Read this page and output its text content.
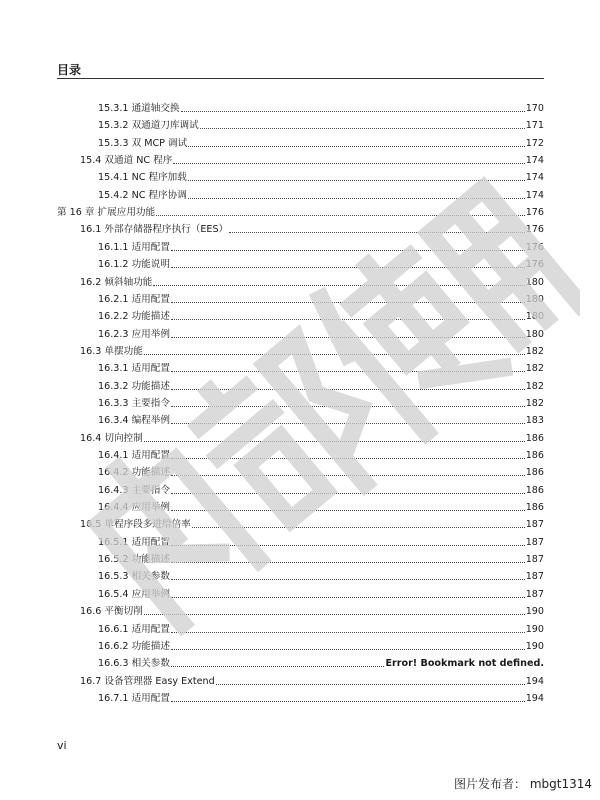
目录
15.3.1 通道轴交换	170
15.3.2 双通道刀库调试	171
15.3.3 双 MCP 调试	172
15.4 双通道 NC 程序	174
15.4.1 NC 程序加载	174
15.4.2 NC 程序协调	174
第 16 章 扩展应用功能	176
16.1 外部存储器程序执行（EES）	176
16.1.1 适用配置	176
16.1.2 功能说明	176
16.2 倾斜轴功能	180
16.2.1 适用配置	180
16.2.2 功能描述	180
16.2.3 应用举例	180
16.3 单摆功能	182
16.3.1 适用配置	182
16.3.2 功能描述	182
16.3.3 主要指令	182
16.3.4 编程举例	183
16.4 切向控制	186
16.4.1 适用配置	186
16.4.2 功能描述	186
16.4.3 主要指令	186
16.4.4 应用举例	186
16.5 单程序段多进给倍率	187
16.5.1 适用配置	187
16.5.2 功能描述	187
16.5.3 相关参数	187
16.5.4 应用举例	187
16.6 平衡切削	190
16.6.1 适用配置	190
16.6.2 功能描述	190
16.6.3 相关参数	Error! Bookmark not defined.
16.7 设备管理器 Easy Extend	194
16.7.1 适用配置	194
vi
图片发布者： mbgt1314
